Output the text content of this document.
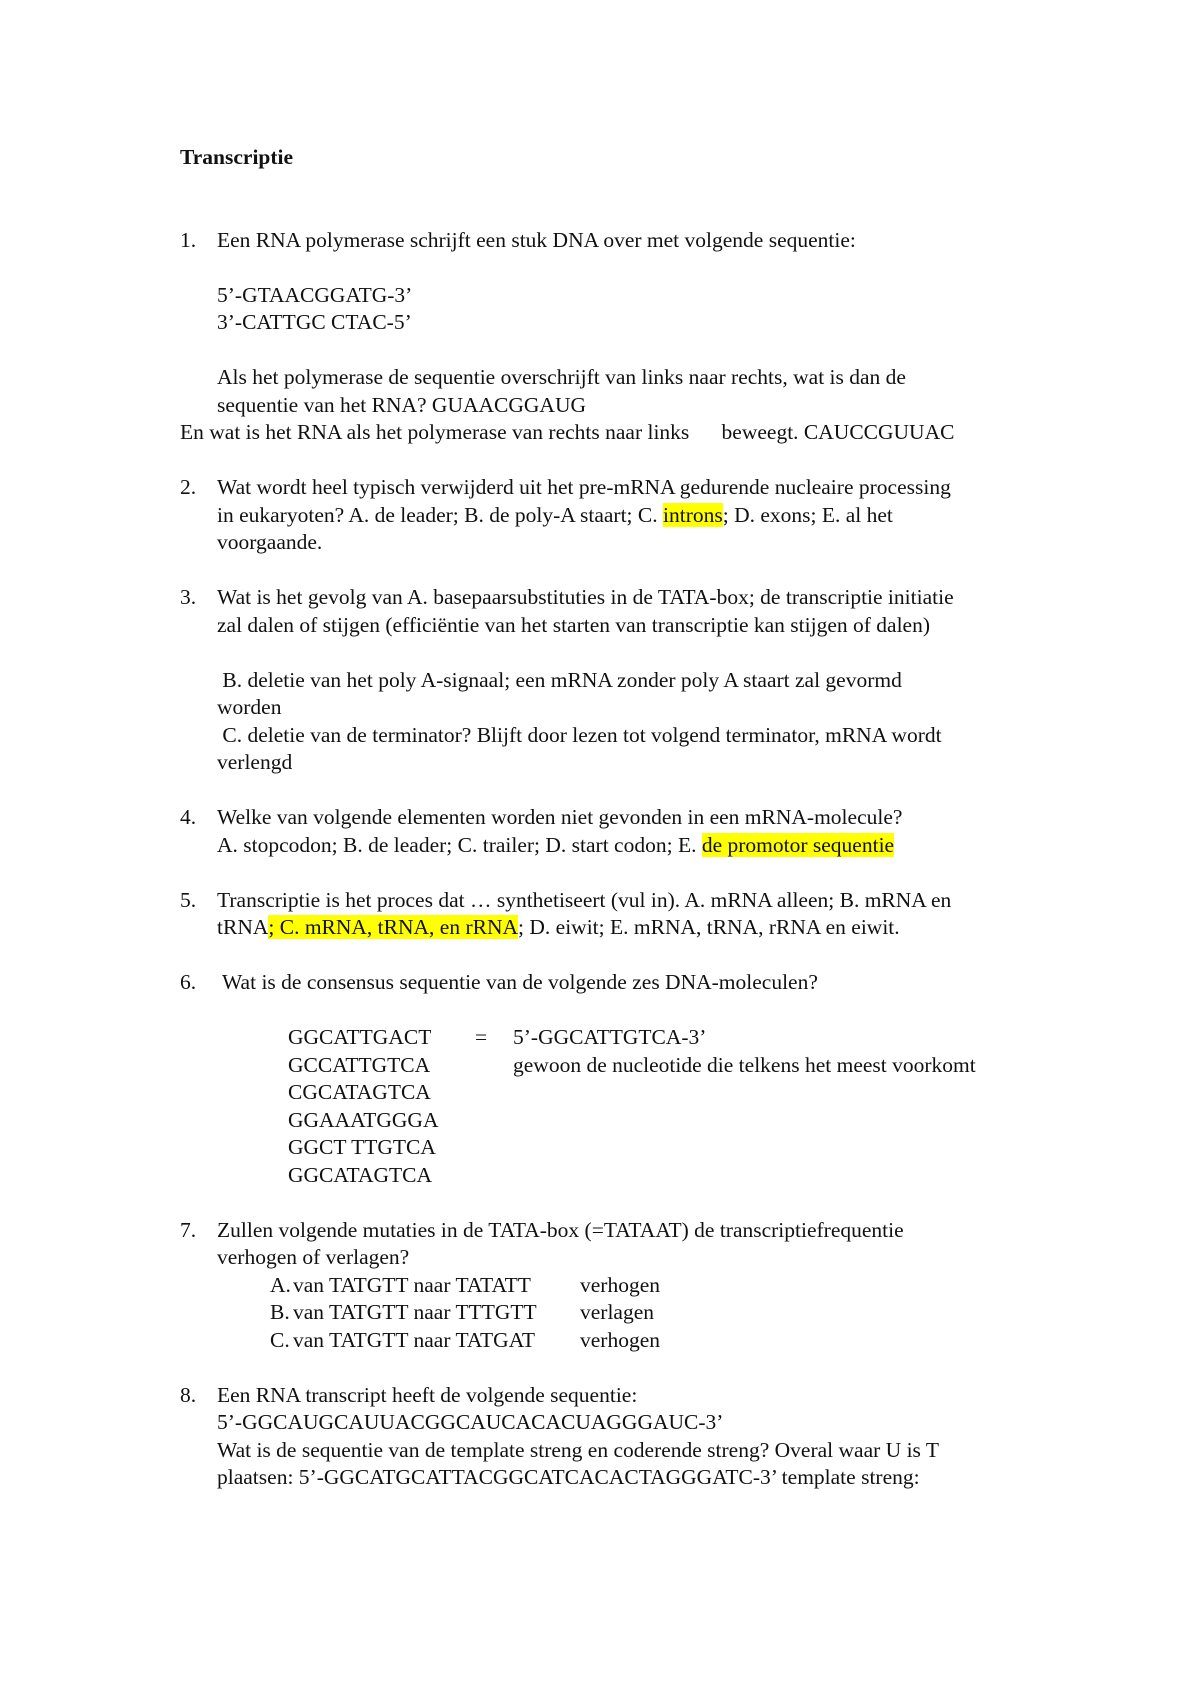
Transcriptie
1. Een RNA polymerase schrijft een stuk DNA over met volgende sequentie:
5’-GTAACGGATG-3’
3’-CATTGC CTAC-5’
Als het polymerase de sequentie overschrijft van links naar rechts, wat is dan de
sequentie van het RNA? GUAACGGAUG
En wat is het RNA als het polymerase van rechts naar links      beweegt. CAUCCGUUAC
2. Wat wordt heel typisch verwijderd uit het pre-mRNA gedurende nucleaire processing
in eukaryoten? A. de leader; B. de poly-A staart; C. introns; D. exons; E. al het
voorgaande.
3. Wat is het gevolg van A. basepaarsubstituties in de TATA-box; de transcriptie initiatie
zal dalen of stijgen (efficiëntie van het starten van transcriptie kan stijgen of dalen)
B. deletie van het poly A-signaal; een mRNA zonder poly A staart zal gevormd
worden
C. deletie van de terminator? Blijft door lezen tot volgend terminator, mRNA wordt
verlengd
4. Welke van volgende elementen worden niet gevonden in een mRNA-molecule?
A. stopcodon; B. de leader; C. trailer; D. start codon; E. de promotor sequentie
5. Transcriptie is het proces dat … synthetiseert (vul in). A. mRNA alleen; B. mRNA en
tRNA; C. mRNA, tRNA, en rRNA; D. eiwit; E. mRNA, tRNA, rRNA en eiwit.
6. Wat is de consensus sequentie van de volgende zes DNA-moleculen?
GGCATTGACT = 5’-GGCATTGTCA-3’
GCCATTGTCA	gewoon de nucleotide die telkens het meest voorkomt
CGCATAGTCA
GGAAATGGGA
GGCT TTGTCA
GGCATAGTCA
7. Zullen volgende mutaties in de TATA-box (=TATAAT) de transcriptiefrequentie
verhogen of verlagen?
A. van TATGTT naar TATATT verhogen
B. van TATGTT naar TTTGTT verlagen
C. van TATGTT naar TATGAT verhogen
8. Een RNA transcript heeft de volgende sequentie:
5’-GGCAUGCAUUACGGCAUCACACUAGGGAUC-3’
Wat is de sequentie van de template streng en coderende streng? Overal waar U is T
plaatsen: 5’-GGCATGCATTACGGCATCACACTAGGGATC-3’ template streng:
